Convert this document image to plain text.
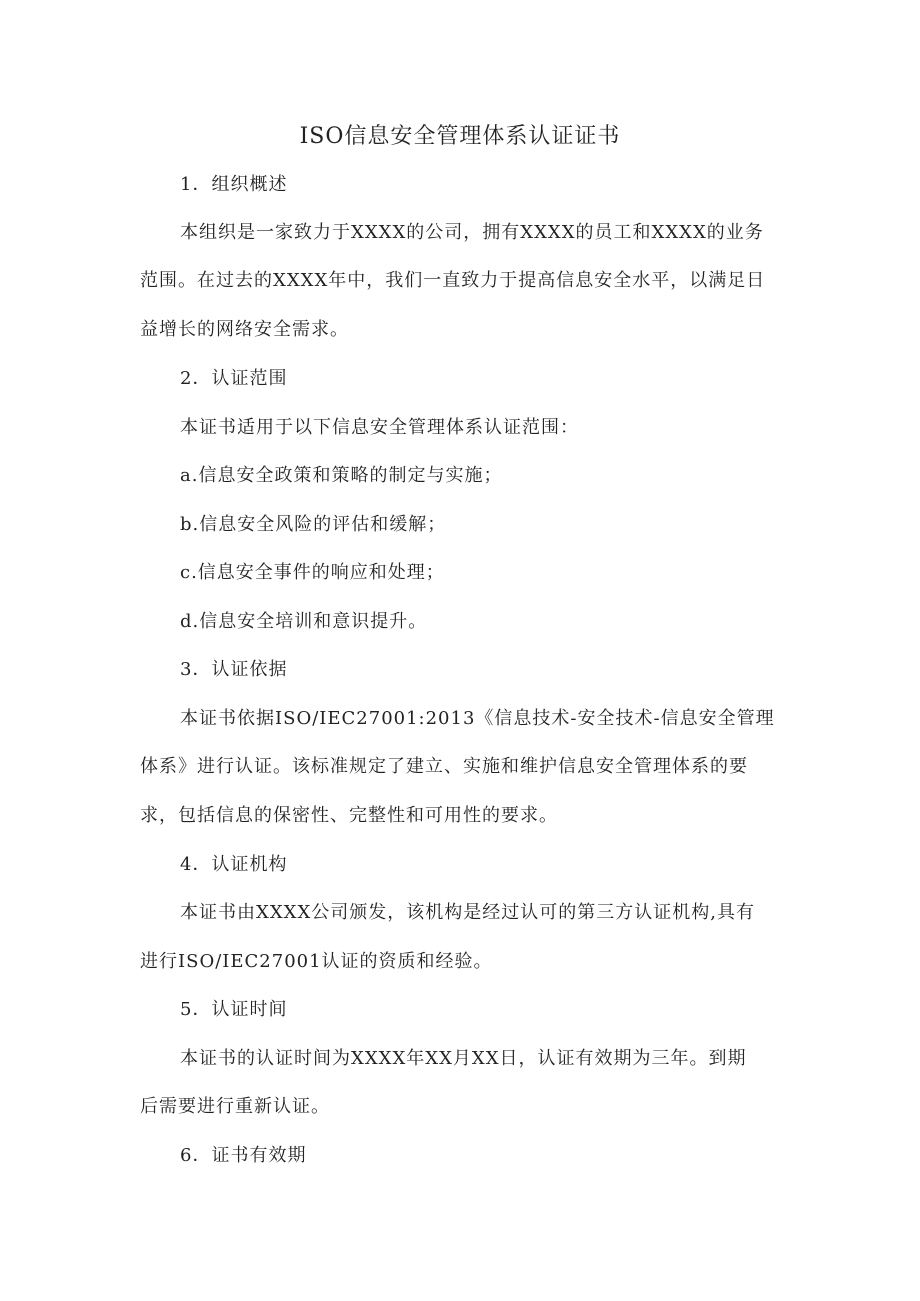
ISO信息安全管理体系认证证书
1．组织概述
本组织是一家致力于XXXX的公司，拥有XXXX的员工和XXXX的业务
范围。在过去的XXXX年中，我们一直致力于提高信息安全水平，以满足日
益增长的网络安全需求。
2．认证范围
本证书适用于以下信息安全管理体系认证范围：
a.信息安全政策和策略的制定与实施；
b.信息安全风险的评估和缓解；
c.信息安全事件的响应和处理；
d.信息安全培训和意识提升。
3．认证依据
本证书依据ISO/IEC27001:2013《信息技术-安全技术-信息安全管理
体系》进行认证。该标准规定了建立、实施和维护信息安全管理体系的要
求，包括信息的保密性、完整性和可用性的要求。
4．认证机构
本证书由XXXX公司颁发，该机构是经过认可的第三方认证机构,具有
进行ISO/IEC27001认证的资质和经验。
5．认证时间
本证书的认证时间为XXXX年XX月XX日，认证有效期为三年。到期
后需要进行重新认证。
6．证书有效期
